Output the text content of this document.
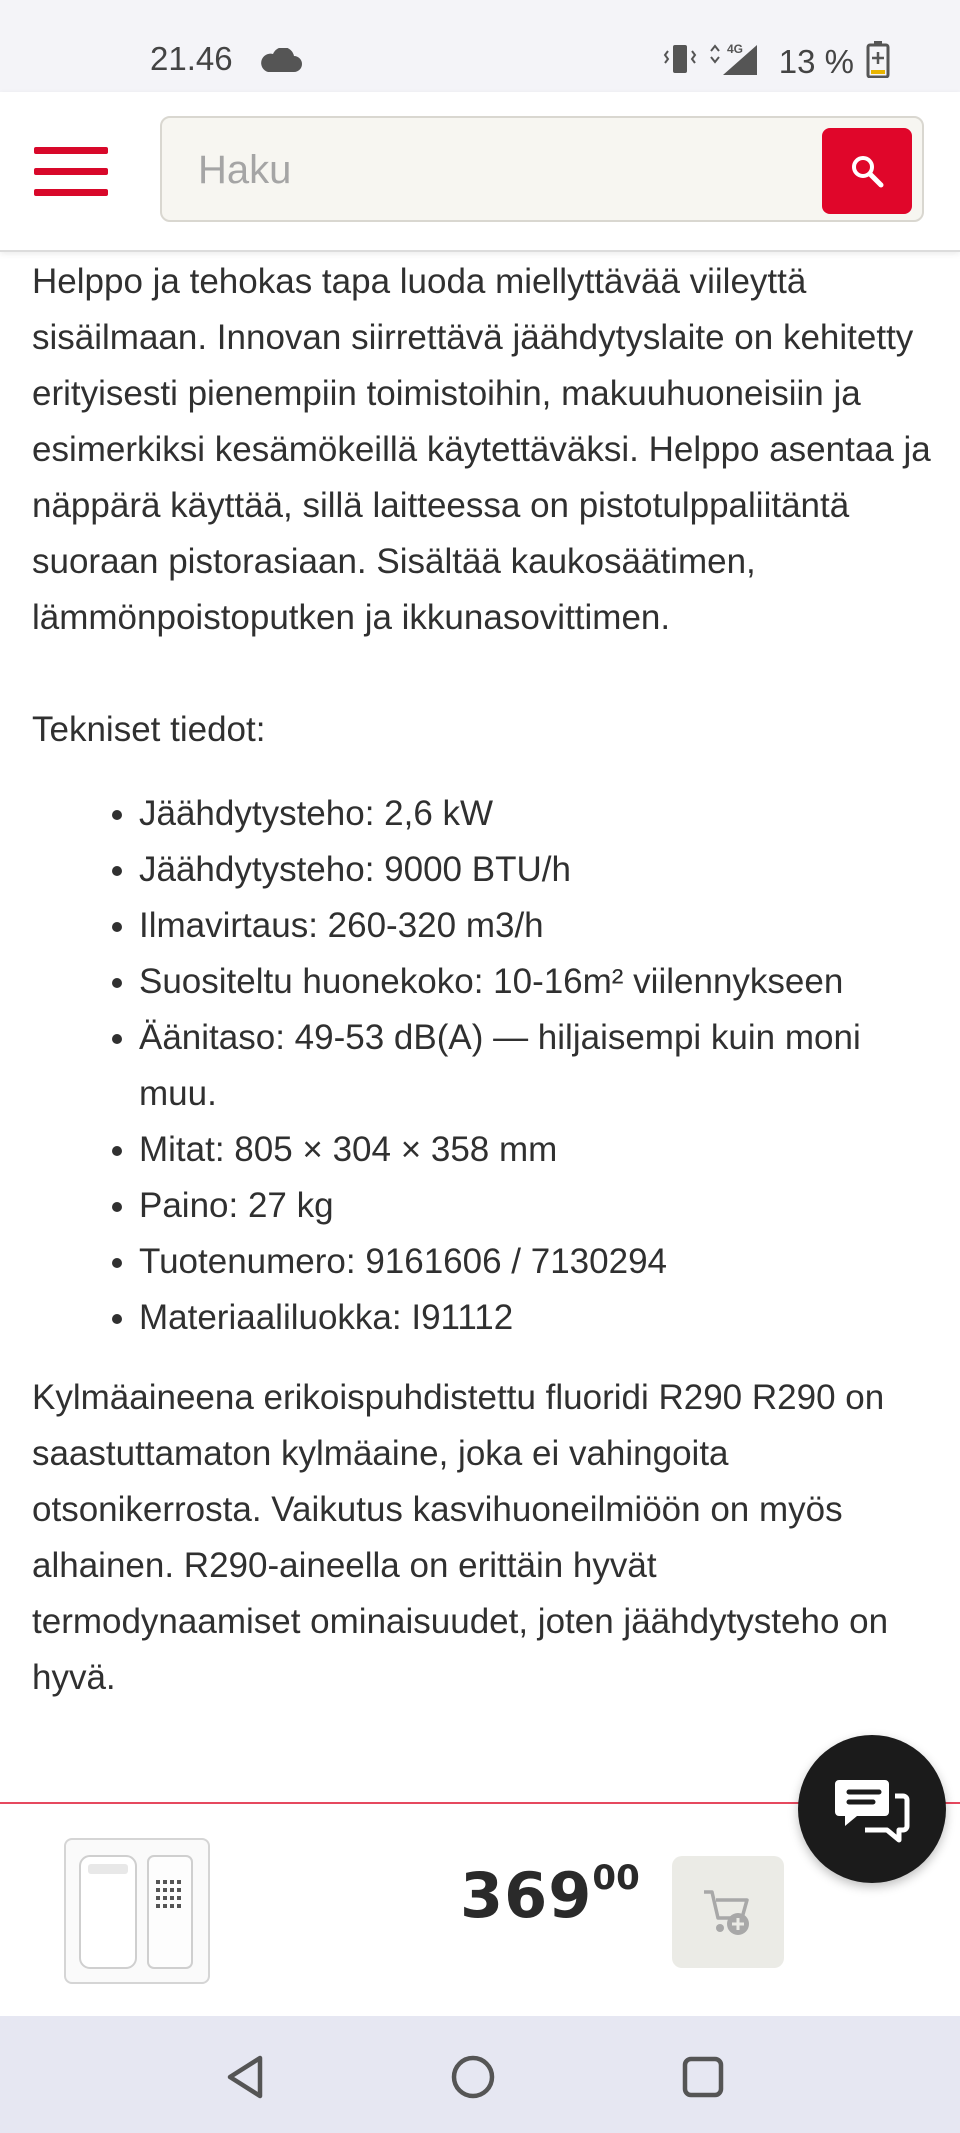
21.46	4G 13 %
Haku

Helppo ja tehokas tapa luoda miellyttävää viileyttä sisäilmaan. Innovan siirrettävä jäähdytyslaite on kehitetty erityisesti pienempiin toimistoihin, makuuhuoneisiin ja esimerkiksi kesämökeillä käytettäväksi. Helppo asentaa ja näppärä käyttää, sillä laitteessa on pistotulppaliitäntä suoraan pistorasiaan. Sisältää kaukosäätimen, lämmönpoistoputken ja ikkunasovittimen.

Tekniset tiedot:

• Jäähdytysteho: 2,6 kW
• Jäähdytysteho: 9000 BTU/h
• Ilmavirtaus: 260-320 m3/h
• Suositeltu huonekoko: 10-16m² viilennykseen
• Äänitaso: 49-53 dB(A) — hiljaisempi kuin moni muu.
• Mitat: 805 × 304 × 358 mm
• Paino: 27 kg
• Tuotenumero: 9161606 / 7130294
• Materiaaliluokka: I91112

Kylmäaineena erikoispuhdistettu fluoridi R290 R290 on saastuttamaton kylmäaine, joka ei vahingoita otsonikerrosta. Vaikutus kasvihuoneilmiöön on myös alhainen. R290-aineella on erittäin hyvät termodynaamiset ominaisuudet, joten jäähdytysteho on hyvä.

36900
